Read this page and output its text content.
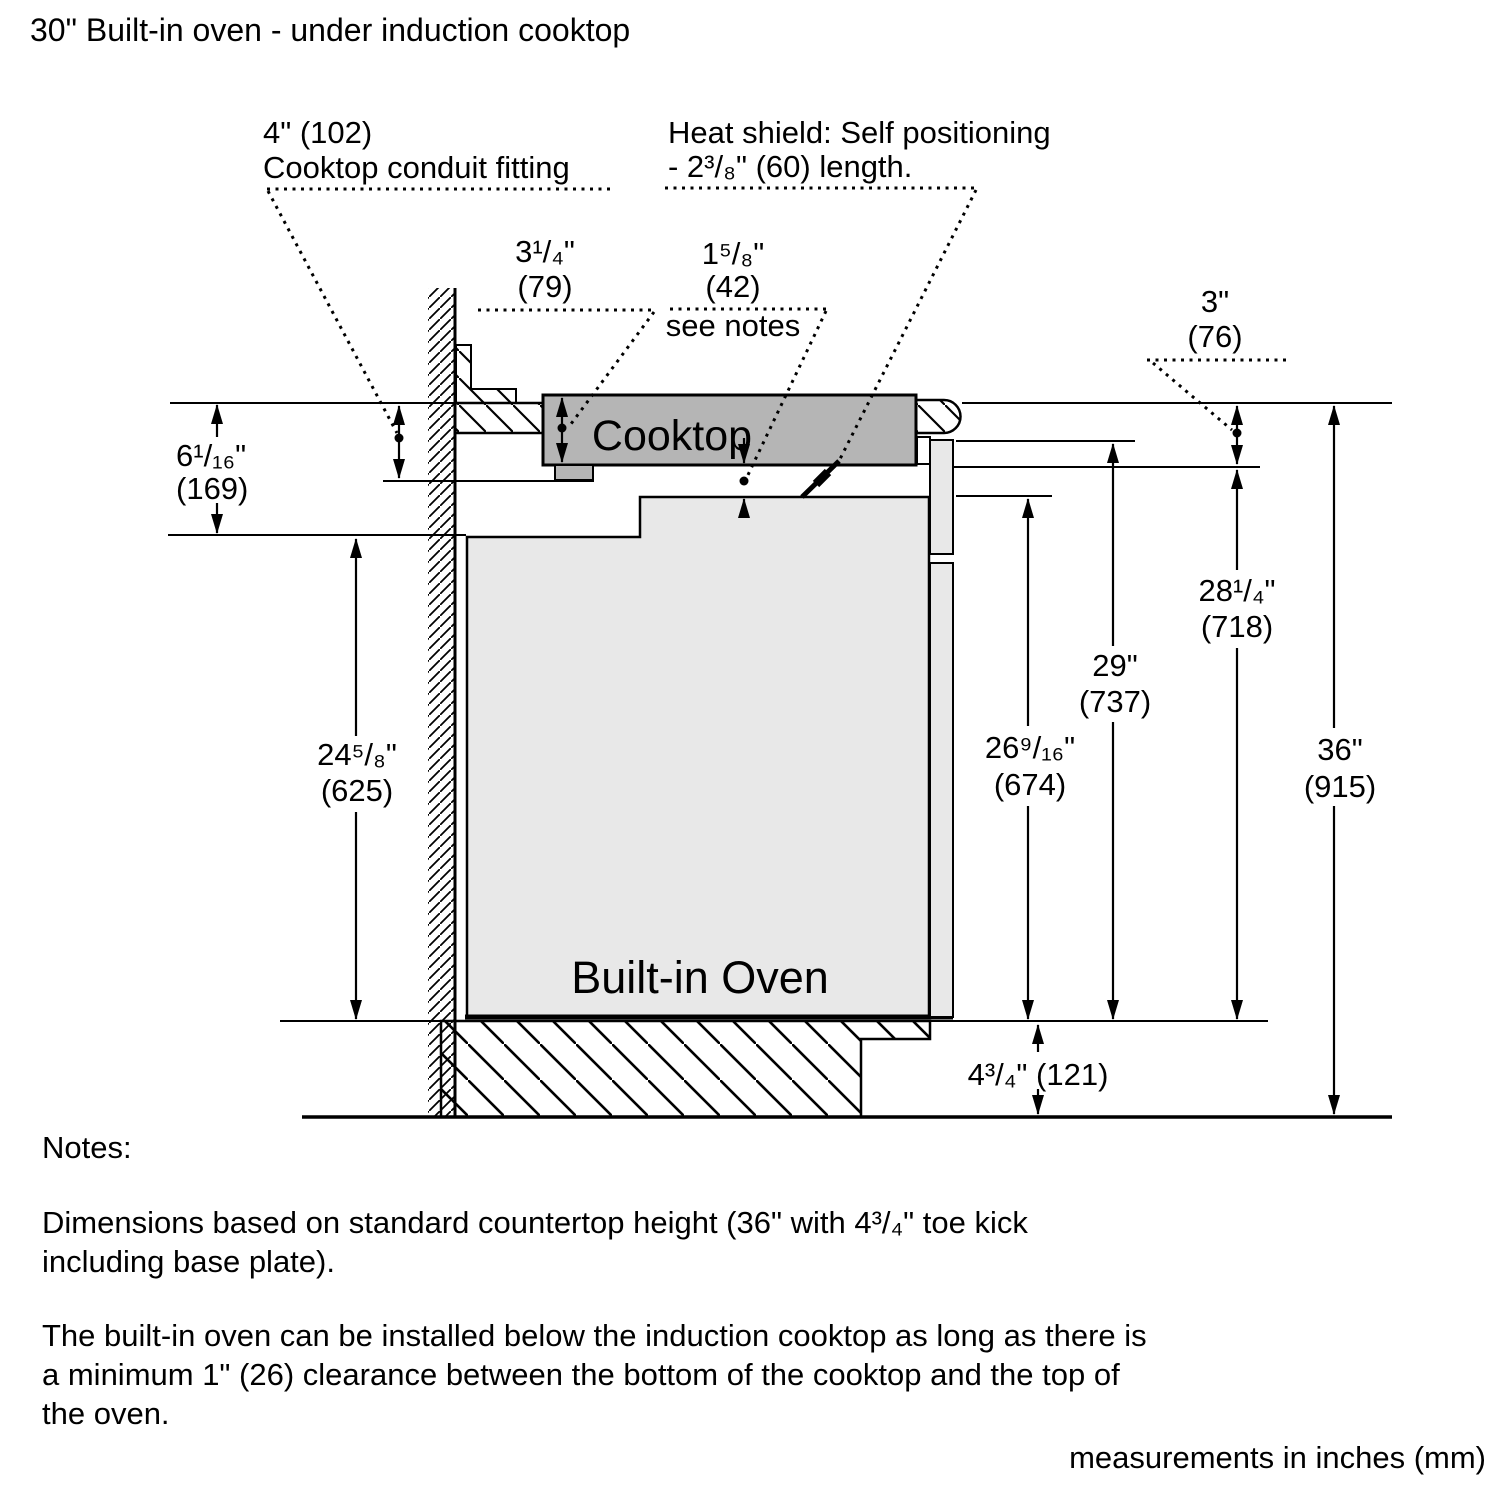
30" Built-in oven - under induction cooktop
Cooktop
Built-in Oven
6¹/₁₆"
(169)
24⁵/₈"
(625)
26⁹/₁₆"
(674)
29"
(737)
28¹/₄"
(718)
36"
(915)
4³/₄" (121)
4" (102)
Cooktop conduit fitting
Heat shield: Self positioning
- 2³/₈" (60) length.
3¹/₄"
(79)
1⁵/₈"
(42)
see notes
3"
(76)
Notes:
Dimensions based on standard countertop height (36" with 4³/₄" toe kick
including base plate).
The built-in oven can be installed below the induction cooktop as long as there is
a minimum 1" (26) clearance between the bottom of the cooktop and the top of
the oven.
measurements in inches (mm)
